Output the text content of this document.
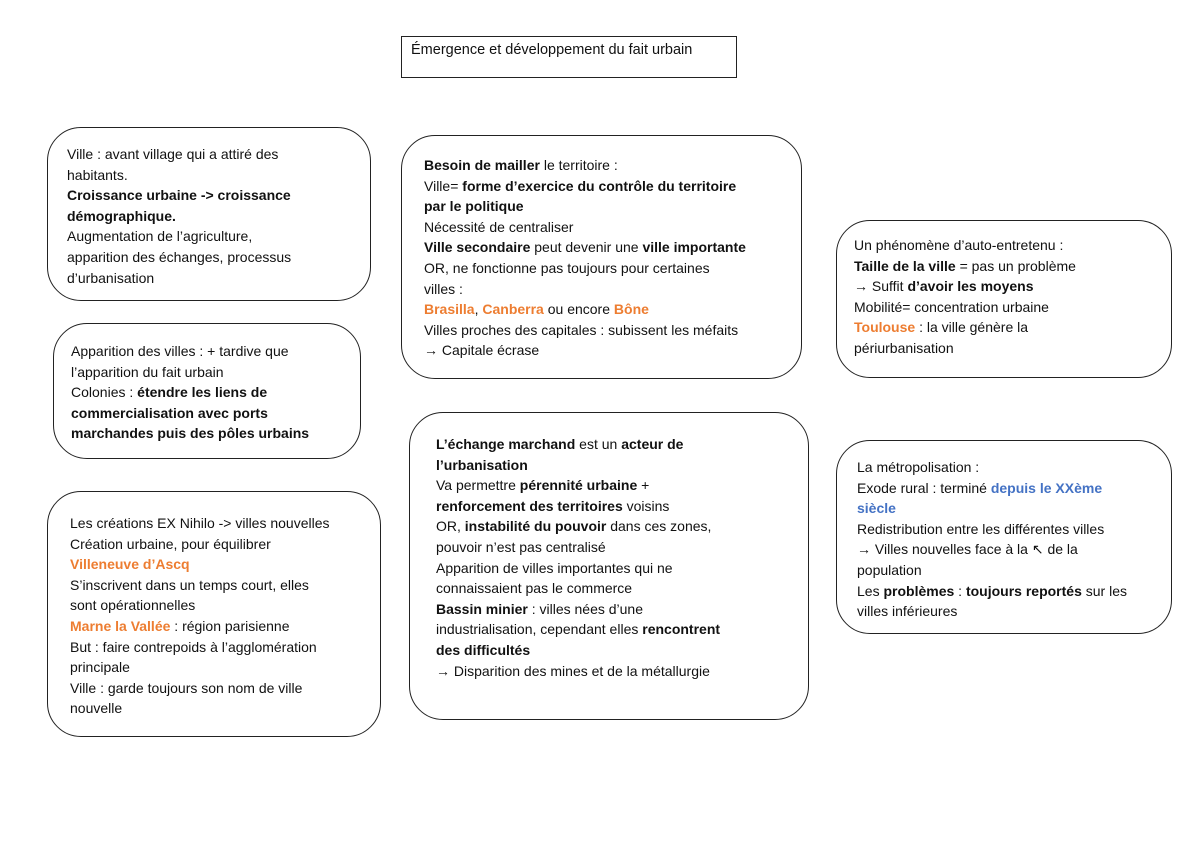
Émergence et développement du fait urbain
Ville : avant village qui a attiré des
habitants.
Croissance urbaine -> croissance
démographique.
Augmentation de l’agriculture,
apparition des échanges, processus
d’urbanisation
Apparition des villes : + tardive que
l’apparition du fait urbain
Colonies : étendre les liens de
commercialisation avec ports
marchandes puis des pôles urbains
Les créations EX Nihilo -> villes nouvelles
Création urbaine, pour équilibrer
Villeneuve d’Ascq
S’inscrivent dans un temps court, elles
sont opérationnelles
Marne la Vallée : région parisienne
But : faire contrepoids à l’agglomération
principale
Ville : garde toujours son nom de ville
nouvelle
Besoin de mailler le territoire :
Ville= forme d’exercice du contrôle du territoire
par le politique
Nécessité de centraliser
Ville secondaire peut devenir une ville importante
OR, ne fonctionne pas toujours pour certaines
villes :
Brasilla, Canberra ou encore Bône
Villes proches des capitales : subissent les méfaits
→ Capitale écrase
L’échange marchand est un acteur de
l’urbanisation
Va permettre pérennité urbaine +
renforcement des territoires voisins
OR, instabilité du pouvoir dans ces zones,
pouvoir n’est pas centralisé
Apparition de villes importantes qui ne
connaissaient pas le commerce
Bassin minier : villes nées d’une
industrialisation, cependant elles rencontrent
des difficultés
→ Disparition des mines et de la métallurgie
Un phénomène d’auto-entretenu :
Taille de la ville = pas un problème
→ Suffit d’avoir les moyens
Mobilité= concentration urbaine
Toulouse : la ville génère la
périurbanisation
La métropolisation :
Exode rural : terminé depuis le XXème
siècle
Redistribution entre les différentes villes
→ Villes nouvelles face à la ↖ de la
population
Les problèmes : toujours reportés sur les
villes inférieures
